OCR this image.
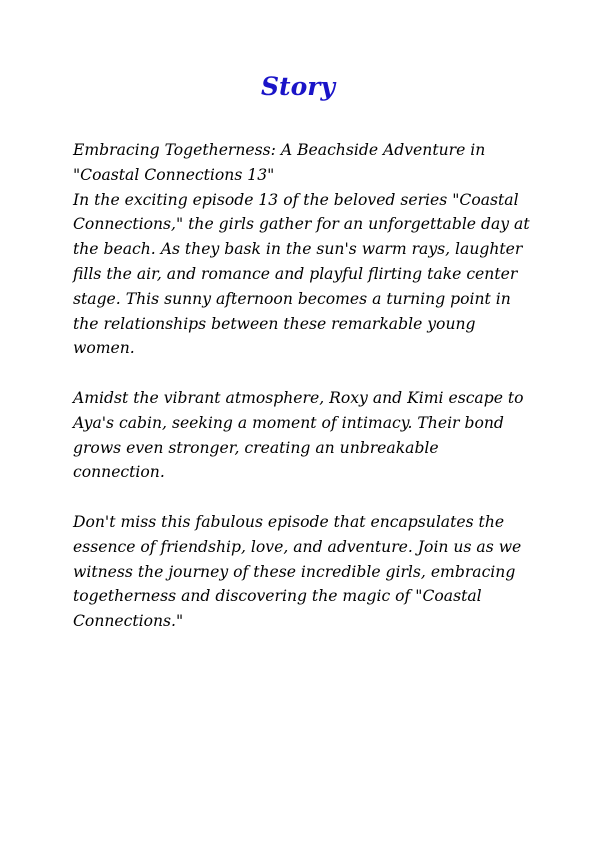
Story

Embracing Togetherness: A Beachside Adventure in "Coastal Connections 13"

In the exciting episode 13 of the beloved series "Coastal Connections," the girls gather for an unforgettable day at the beach. As they bask in the sun's warm rays, laughter fills the air, and romance and playful flirting take center stage. This sunny afternoon becomes a turning point in the relationships between these remarkable young women.

Amidst the vibrant atmosphere, Roxy and Kimi escape to Aya's cabin, seeking a moment of intimacy. Their bond grows even stronger, creating an unbreakable connection.

Don't miss this fabulous episode that encapsulates the essence of friendship, love, and adventure. Join us as we witness the journey of these incredible girls, embracing togetherness and discovering the magic of "Coastal Connections."
